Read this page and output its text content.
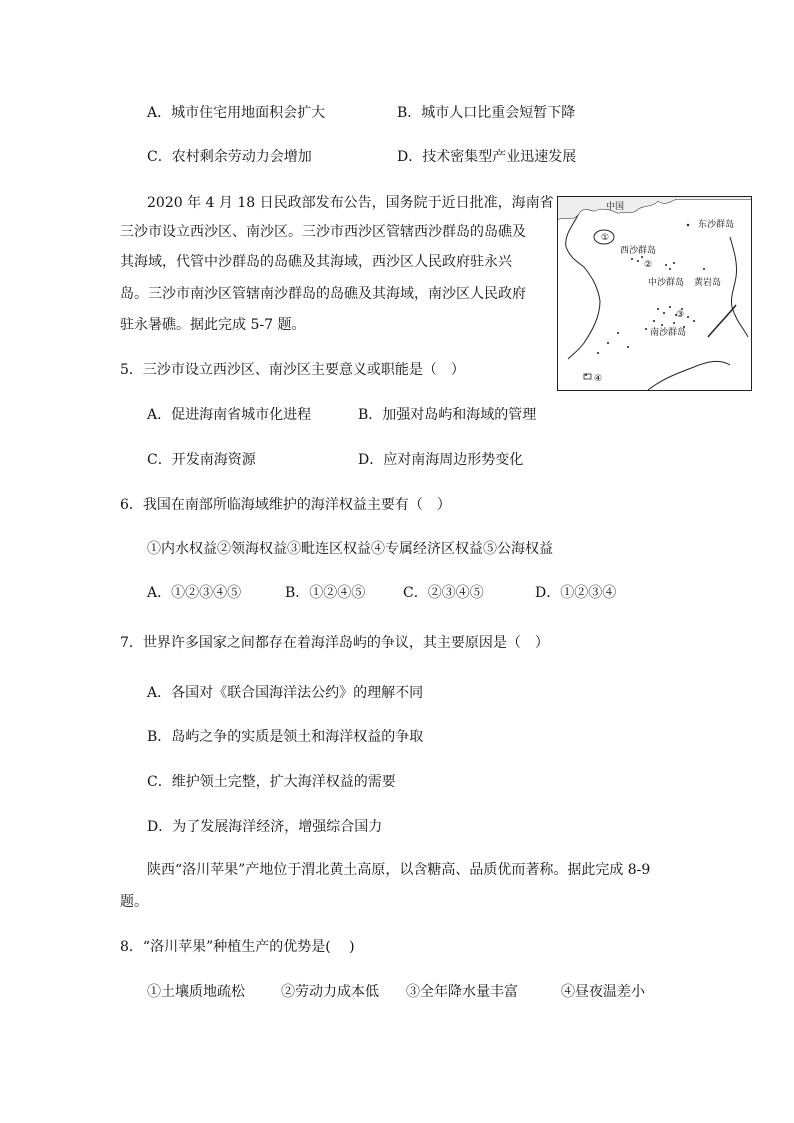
A．城市住宅用地面积会扩大	B．城市人口比重会短暂下降
C．农村剩余劳动力会增加	D．技术密集型产业迅速发展
2020 年 4 月 18 日民政部发布公告，国务院于近日批准，海南省
三沙市设立西沙区、南沙区。三沙市西沙区管辖西沙群岛的岛礁及
其海域，代管中沙群岛的岛礁及其海域，西沙区人民政府驻永兴
岛。三沙市南沙区管辖南沙群岛的岛礁及其海域，南沙区人民政府
驻永暑礁。据此完成 5-7 题。
中国
东沙群岛
西沙群岛
中沙群岛 黄岩岛
南沙群岛
①
②
③
④
5．三沙市设立西沙区、南沙区主要意义或职能是（　）
A．促进海南省城市化进程	B．加强对岛屿和海域的管理
C．开发南海资源	D．应对南海周边形势变化
6．我国在南部所临海域维护的海洋权益主要有（　）
①内水权益②领海权益③毗连区权益④专属经济区权益⑤公海权益
A．①②③④⑤	B．①②④⑤	C．②③④⑤	D．①②③④
7．世界许多国家之间都存在着海洋岛屿的争议，其主要原因是（　）
A．各国对《联合国海洋法公约》的理解不同
B．岛屿之争的实质是领土和海洋权益的争取
C．维护领土完整，扩大海洋权益的需要
D．为了发展海洋经济，增强综合国力
陕西“洛川苹果”产地位于渭北黄土高原，以含糖高、品质优而著称。据此完成 8-9
题。
8．“洛川苹果”种植生产的优势是(　 )
①土壤质地疏松	②劳动力成本低 ③全年降水量丰富	④昼夜温差小
